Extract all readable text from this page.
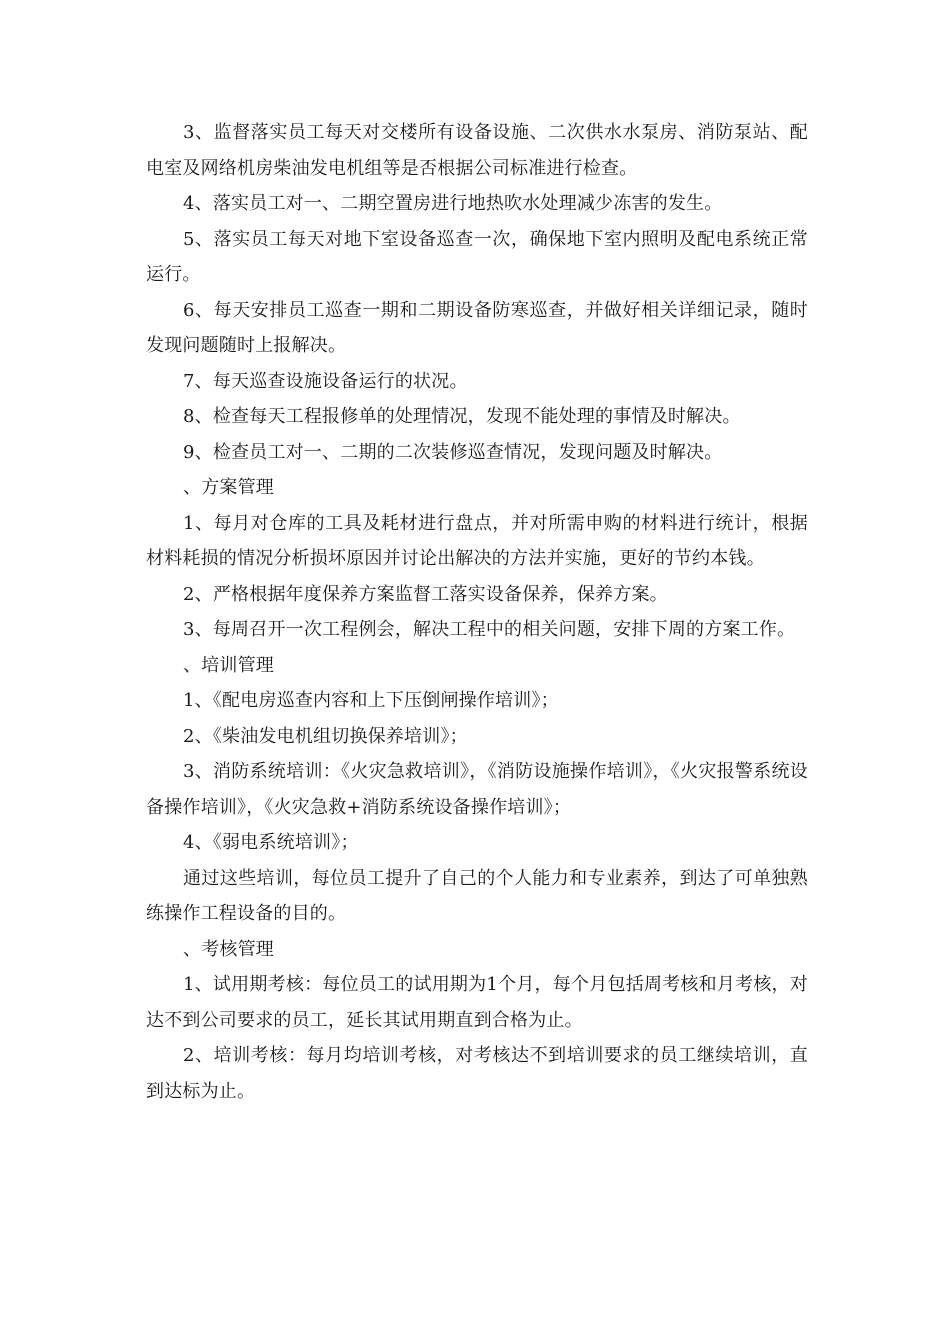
3、监督落实员工每天对交楼所有设备设施、二次供水水泵房、消防泵站、配电室及网络机房柴油发电机组等是否根据公司标准进行检查。

4、落实员工对一、二期空置房进行地热吹水处理减少冻害的发生。

5、落实员工每天对地下室设备巡查一次，确保地下室内照明及配电系统正常运行。

6、每天安排员工巡查一期和二期设备防寒巡查，并做好相关详细记录，随时发现问题随时上报解决。

7、每天巡查设施设备运行的状况。

8、检查每天工程报修单的处理情况，发现不能处理的事情及时解决。

9、检查员工对一、二期的二次装修巡查情况，发现问题及时解决。

、方案管理

1、每月对仓库的工具及耗材进行盘点，并对所需申购的材料进行统计，根据材料耗损的情况分析损坏原因并讨论出解决的方法并实施，更好的节约本钱。

2、严格根据年度保养方案监督工落实设备保养，保养方案。

3、每周召开一次工程例会，解决工程中的相关问题，安排下周的方案工作。

、培训管理

1、《配电房巡查内容和上下压倒闸操作培训》；

2、《柴油发电机组切换保养培训》；

3、消防系统培训：《火灾急救培训》，《消防设施操作培训》，《火灾报警系统设备操作培训》，《火灾急救+消防系统设备操作培训》；

4、《弱电系统培训》；

通过这些培训，每位员工提升了自己的个人能力和专业素养，到达了可单独熟练操作工程设备的目的。

、考核管理

1、试用期考核：每位员工的试用期为1个月，每个月包括周考核和月考核，对达不到公司要求的员工，延长其试用期直到合格为止。

2、培训考核：每月均培训考核，对考核达不到培训要求的员工继续培训，直到达标为止。
